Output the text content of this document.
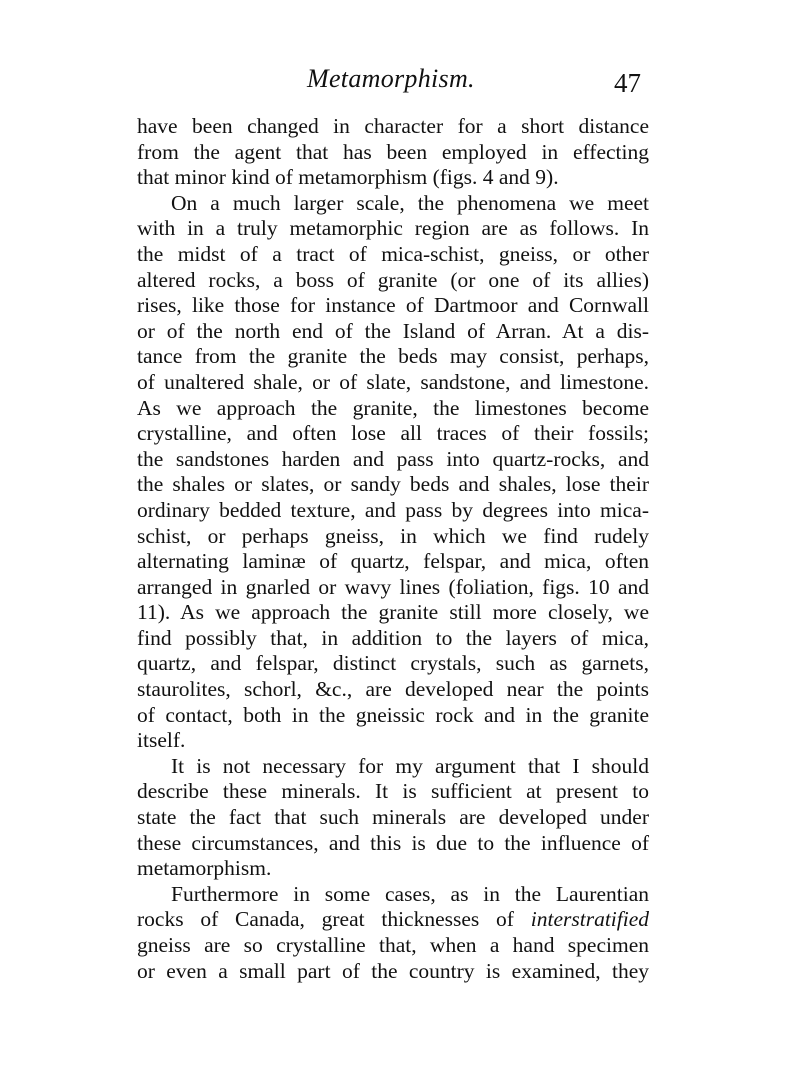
Metamorphism.	47
have been changed in character for a short distance
from the agent that has been employed in effecting
that minor kind of metamorphism (figs. 4 and 9).
On a much larger scale, the phenomena we meet
with in a truly metamorphic region are as follows. In
the midst of a tract of mica-schist, gneiss, or other
altered rocks, a boss of granite (or one of its allies)
rises, like those for instance of Dartmoor and Cornwall
or of the north end of the Island of Arran. At a dis-
tance from the granite the beds may consist, perhaps,
of unaltered shale, or of slate, sandstone, and limestone.
As we approach the granite, the limestones become
crystalline, and often lose all traces of their fossils;
the sandstones harden and pass into quartz-rocks, and
the shales or slates, or sandy beds and shales, lose their
ordinary bedded texture, and pass by degrees into mica-
schist, or perhaps gneiss, in which we find rudely
alternating laminæ of quartz, felspar, and mica, often
arranged in gnarled or wavy lines (foliation, figs. 10 and
11). As we approach the granite still more closely, we
find possibly that, in addition to the layers of mica,
quartz, and felspar, distinct crystals, such as garnets,
staurolites, schorl, &c., are developed near the points
of contact, both in the gneissic rock and in the granite
itself.
It is not necessary for my argument that I should
describe these minerals. It is sufficient at present to
state the fact that such minerals are developed under
these circumstances, and this is due to the influence of
metamorphism.
Furthermore in some cases, as in the Laurentian
rocks of Canada, great thicknesses of interstratified
gneiss are so crystalline that, when a hand specimen
or even a small part of the country is examined, they
